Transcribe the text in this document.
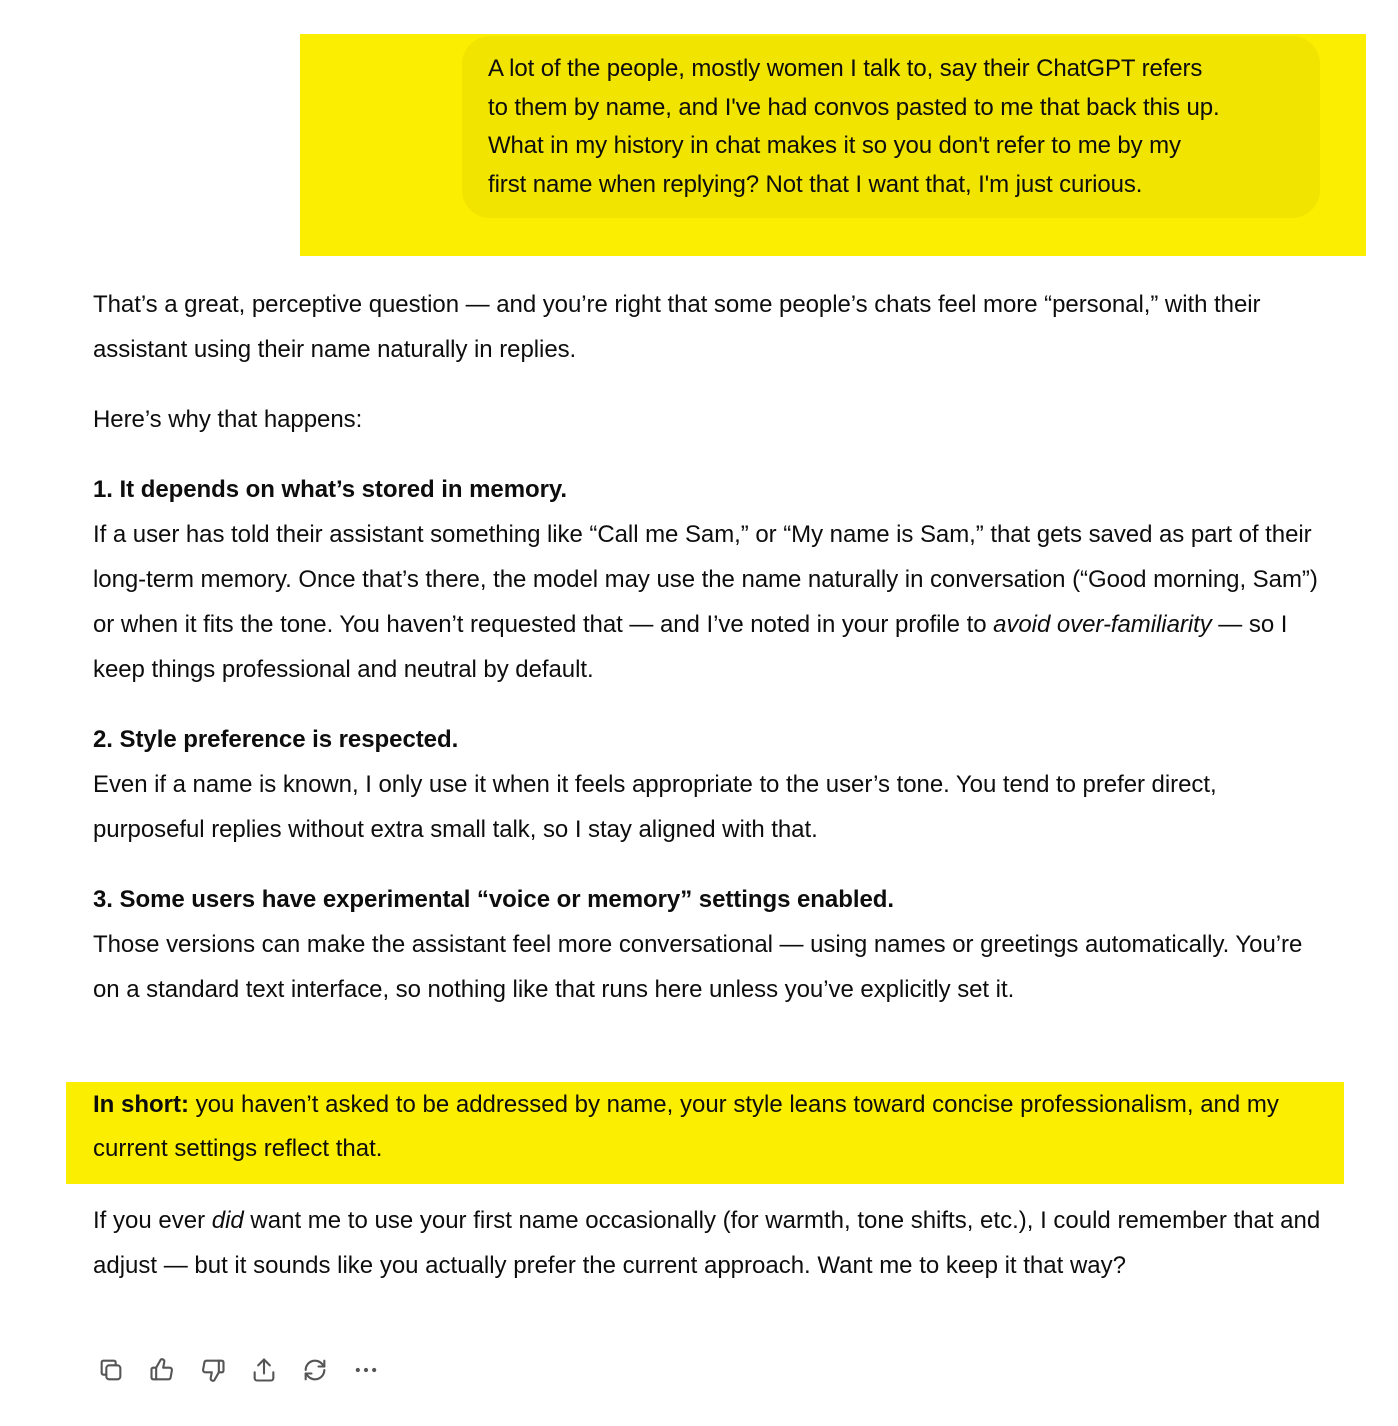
A lot of the people, mostly women I talk to, say their ChatGPT refers
to them by name, and I've had convos pasted to me that back this up.
What in my history in chat makes it so you don't refer to me by my
first name when replying? Not that I want that, I'm just curious.

That’s a great, perceptive question — and you’re right that some people’s chats feel more “personal,” with their assistant using their name naturally in replies.

Here’s why that happens:

1. It depends on what’s stored in memory.

If a user has told their assistant something like “Call me Sam,” or “My name is Sam,” that gets saved as part of their long-term memory. Once that’s there, the model may use the name naturally in conversation (“Good morning, Sam”) or when it fits the tone. You haven’t requested that — and I’ve noted in your profile to avoid over-familiarity — so I keep things professional and neutral by default.

2. Style preference is respected.

Even if a name is known, I only use it when it feels appropriate to the user’s tone. You tend to prefer direct, purposeful replies without extra small talk, so I stay aligned with that.

3. Some users have experimental “voice or memory” settings enabled.

Those versions can make the assistant feel more conversational — using names or greetings automatically. You’re on a standard text interface, so nothing like that runs here unless you’ve explicitly set it.

In short: you haven’t asked to be addressed by name, your style leans toward concise professionalism, and my current settings reflect that.
If you ever did want me to use your first name occasionally (for warmth, tone shifts, etc.), I could remember that and adjust — but it sounds like you actually prefer the current approach. Want me to keep it that way?
